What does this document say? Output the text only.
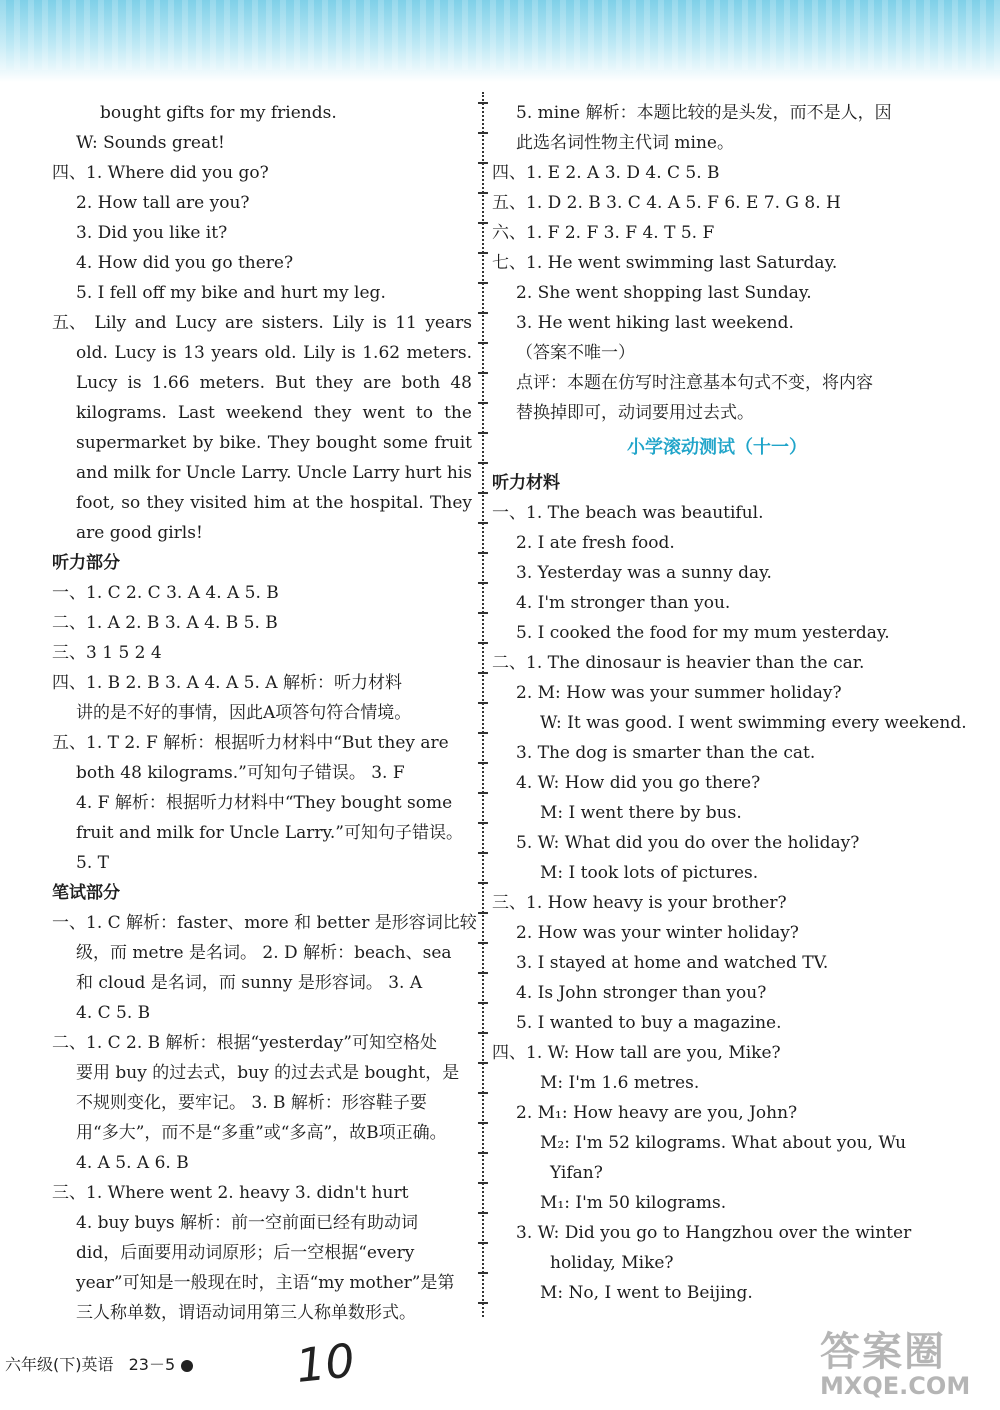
bought gifts for my friends.
W: Sounds great!
四、1. Where did you go?
2. How tall are you?
3. Did you like it?
4. How did you go there?
5. I fell off my bike and hurt my leg.
五、 Lily and Lucy are sisters. Lily is 11 years
old. Lucy is 13 years old. Lily is 1.62 meters.
Lucy is 1.66 meters. But they are both 48
kilograms. Last weekend they went to the
supermarket by bike. They bought some fruit
and milk for Uncle Larry. Uncle Larry hurt his
foot, so they visited him at the hospital. They
are good girls!
听力部分
一、1. C 2. C 3. A 4. A 5. B
二、1. A 2. B 3. A 4. B 5. B
三、3 1 5 2 4
四、1. B 2. B 3. A 4. A 5. A 解析：听力材料
讲的是不好的事情，因此A项答句符合情境。
五、1. T 2. F 解析：根据听力材料中“But they are
both 48 kilograms.”可知句子错误。 3. F
4. F 解析：根据听力材料中“They bought some
fruit and milk for Uncle Larry.”可知句子错误。
5. T
笔试部分
一、1. C 解析：faster、more 和 better 是形容词比较
级，而 metre 是名词。 2. D 解析：beach、sea
和 cloud 是名词，而 sunny 是形容词。 3. A
4. C 5. B
二、1. C 2. B 解析：根据“yesterday”可知空格处
要用 buy 的过去式，buy 的过去式是 bought，是
不规则变化，要牢记。 3. B 解析：形容鞋子要
用“多大”，而不是“多重”或“多高”，故B项正确。
4. A 5. A 6. B
三、1. Where went 2. heavy 3. didn't hurt
4. buy buys 解析：前一空前面已经有助动词
did，后面要用动词原形；后一空根据“every
year”可知是一般现在时，主语“my mother”是第
三人称单数，谓语动词用第三人称单数形式。
5. mine 解析：本题比较的是头发，而不是人，因
此选名词性物主代词 mine。
四、1. E 2. A 3. D 4. C 5. B
五、1. D 2. B 3. C 4. A 5. F 6. E 7. G 8. H
六、1. F 2. F 3. F 4. T 5. F
七、1. He went swimming last Saturday.
2. She went shopping last Sunday.
3. He went hiking last weekend.
（答案不唯一）
点评：本题在仿写时注意基本句式不变，将内容
替换掉即可，动词要用过去式。
小学滚动测试（十一）
听力材料
一、1. The beach was beautiful.
2. I ate fresh food.
3. Yesterday was a sunny day.
4. I'm stronger than you.
5. I cooked the food for my mum yesterday.
二、1. The dinosaur is heavier than the car.
2. M: How was your summer holiday?
W: It was good. I went swimming every weekend.
3. The dog is smarter than the cat.
4. W: How did you go there?
M: I went there by bus.
5. W: What did you do over the holiday?
M: I took lots of pictures.
三、1. How heavy is your brother?
2. How was your winter holiday?
3. I stayed at home and watched TV.
4. Is John stronger than you?
5. I wanted to buy a magazine.
四、1. W: How tall are you, Mike?
M: I'm 1.6 metres.
2. M₁: How heavy are you, John?
M₂: I'm 52 kilograms. What about you, Wu
Yifan?
M₁: I'm 50 kilograms.
3. W: Did you go to Hangzhou over the winter
holiday, Mike?
M: No, I went to Beijing.
六年级(下)英语 23－5	10	答案圈
MXQE.COM
